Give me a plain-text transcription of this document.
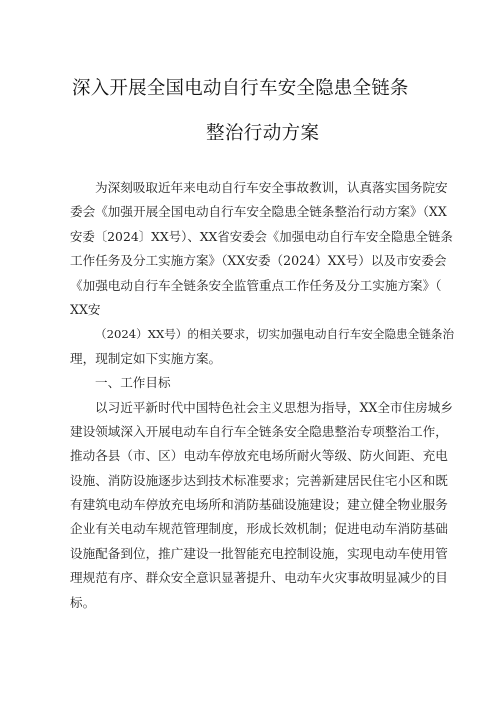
深入开展全国电动自行车安全隐患全链条
整治行动方案
为深刻吸取近年来电动自行车安全事故教训，认真落实国务院安
委会《加强开展全国电动自行车安全隐患全链条整治行动方案》（XX
安委〔2024〕XX号）、XX省安委会《加强电动自行车安全隐患全链条
工作任务及分工实施方案》（XX安委（2024）XX号）以及市安委会
《加强电动自行车全链条安全监管重点工作任务及分工实施方案》（
XX安
（2024）XX号）的相关要求，切实加强电动自行车安全隐患全链条治
理，现制定如下实施方案。
一、工作目标
以习近平新时代中国特色社会主义思想为指导，XX全市住房城乡
建设领域深入开展电动车自行车全链条安全隐患整治专项整治工作，
推动各县（市、区）电动车停放充电场所耐火等级、防火间距、充电
设施、消防设施逐步达到技术标准要求；完善新建居民住宅小区和既
有建筑电动车停放充电场所和消防基础设施建设；建立健全物业服务
企业有关电动车规范管理制度，形成长效机制；促进电动车消防基础
设施配备到位，推广建设一批智能充电控制设施，实现电动车使用管
理规范有序、群众安全意识显著提升、电动车火灾事故明显减少的目
标。
